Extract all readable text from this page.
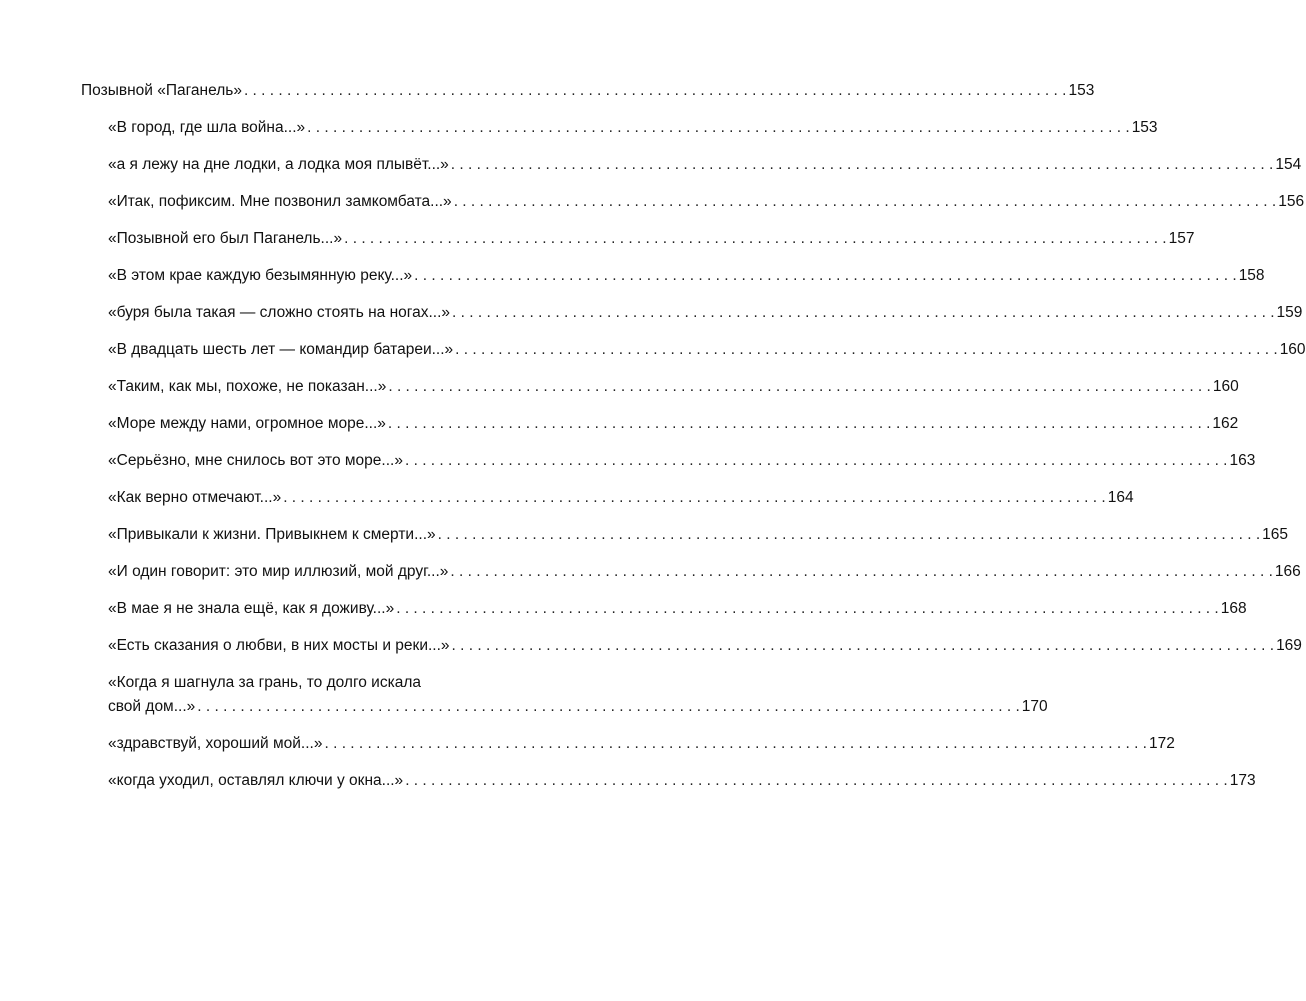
Позывной «Паганель» . . .	153
«В город, где шла война...» . . .	153
«а я лежу на дне лодки, а лодка моя плывёт...» . . .	154
«Итак, пофиксим. Мне позвонил замкомбата...» . . .	156
«Позывной его был Паганель...» . . .	157
«В этом крае каждую безымянную реку...» . . .	158
«буря была такая — сложно стоять на ногах...» . . .	159
«В двадцать шесть лет — командир батареи...» . . .	160
«Таким, как мы, похоже, не показан...» . . .	160
«Море между нами, огромное море...» . . .	162
«Серьёзно, мне снилось вот это море...» . . .	163
«Как верно отмечают...» . . .	164
«Привыкали к жизни. Привыкнем к смерти...» . . .	165
«И один говорит: это мир иллюзий, мой друг...» . . .	166
«В мае я не знала ещё, как я доживу...» . . .	168
«Есть сказания о любви, в них мосты и реки...» . . .	169
«Когда я шагнула за грань, то долго искала
свой дом...» . . .	170
«здравствуй, хороший мой...» . . .	172
«когда уходил, оставлял ключи у окна...» . . .	173
